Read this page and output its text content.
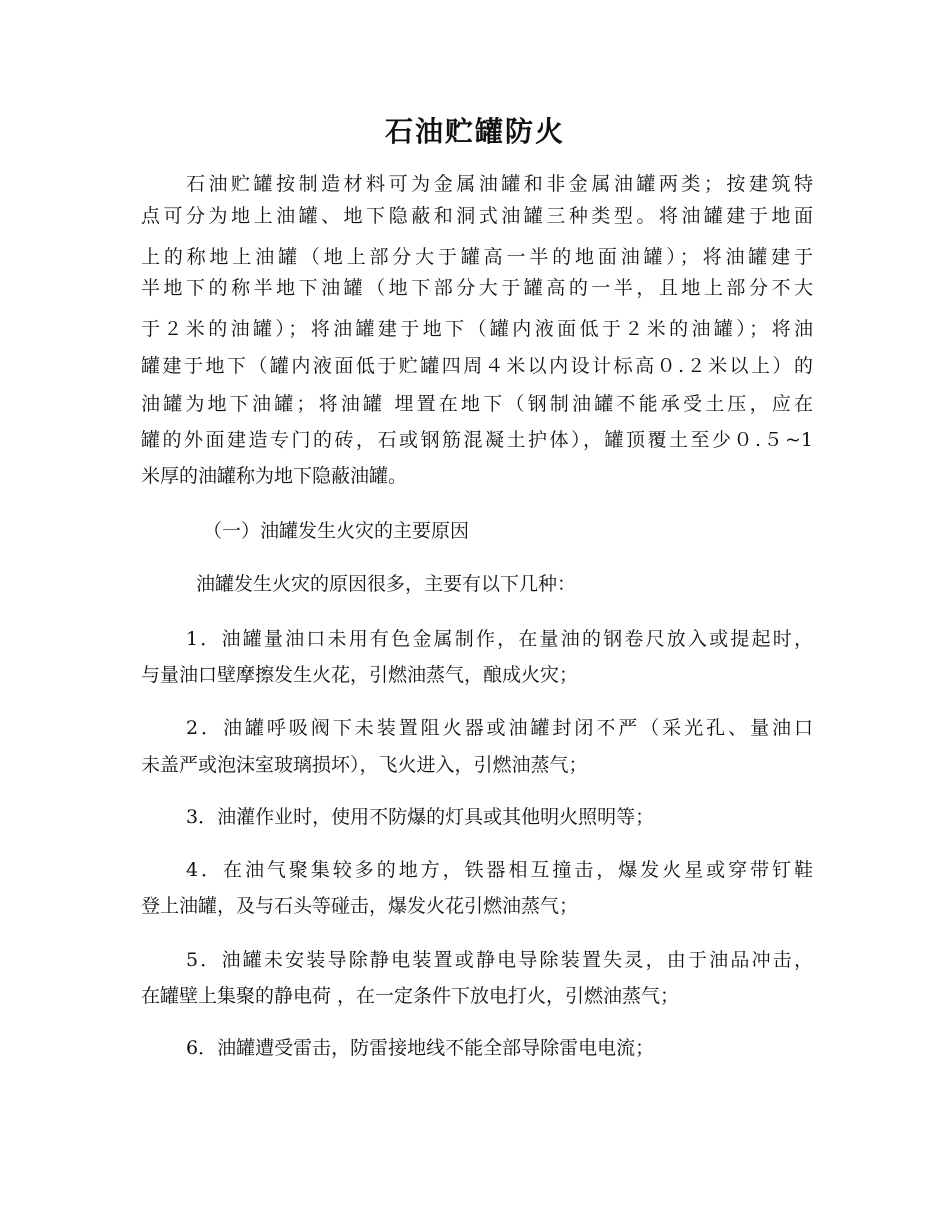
石油贮罐防火
石油贮罐按制造材料可为金属油罐和非金属油罐两类；按建筑特
点可分为地上油罐、地下隐蔽和洞式油罐三种类型。将油罐建于地面
上的称地上油罐（地上部分大于罐高一半的地面油罐）；将油罐建于
半地下的称半地下油罐（地下部分大于罐高的一半，且地上部分不大
于２米的油罐）；将油罐建于地下（罐内液面低于２米的油罐）；将油
罐建于地下（罐内液面低于贮罐四周４米以内设计标高０.２米以上）的
油罐为地下油罐；将油罐 埋置在地下（钢制油罐不能承受土压，应在
罐的外面建造专门的砖，石或钢筋混凝土护体），罐顶覆土至少０.５~1
米厚的油罐称为地下隐蔽油罐。
（一）油罐发生火灾的主要原因
油罐发生火灾的原因很多，主要有以下几种：
1．油罐量油口未用有色金属制作，在量油的钢卷尺放入或提起时，
与量油口壁摩擦发生火花，引燃油蒸气，酿成火灾；
2．油罐呼吸阀下未装置阻火器或油罐封闭不严（采光孔、量油口
未盖严或泡沫室玻璃损坏），飞火进入，引燃油蒸气；
3．油灌作业时，使用不防爆的灯具或其他明火照明等；
4．在油气聚集较多的地方，铁器相互撞击，爆发火星或穿带钉鞋
登上油罐，及与石头等碰击，爆发火花引燃油蒸气；
5．油罐未安装导除静电装置或静电导除装置失灵，由于油品冲击，
在罐壁上集聚的静电荷 ，在一定条件下放电打火，引燃油蒸气；
6．油罐遭受雷击，防雷接地线不能全部导除雷电电流；
